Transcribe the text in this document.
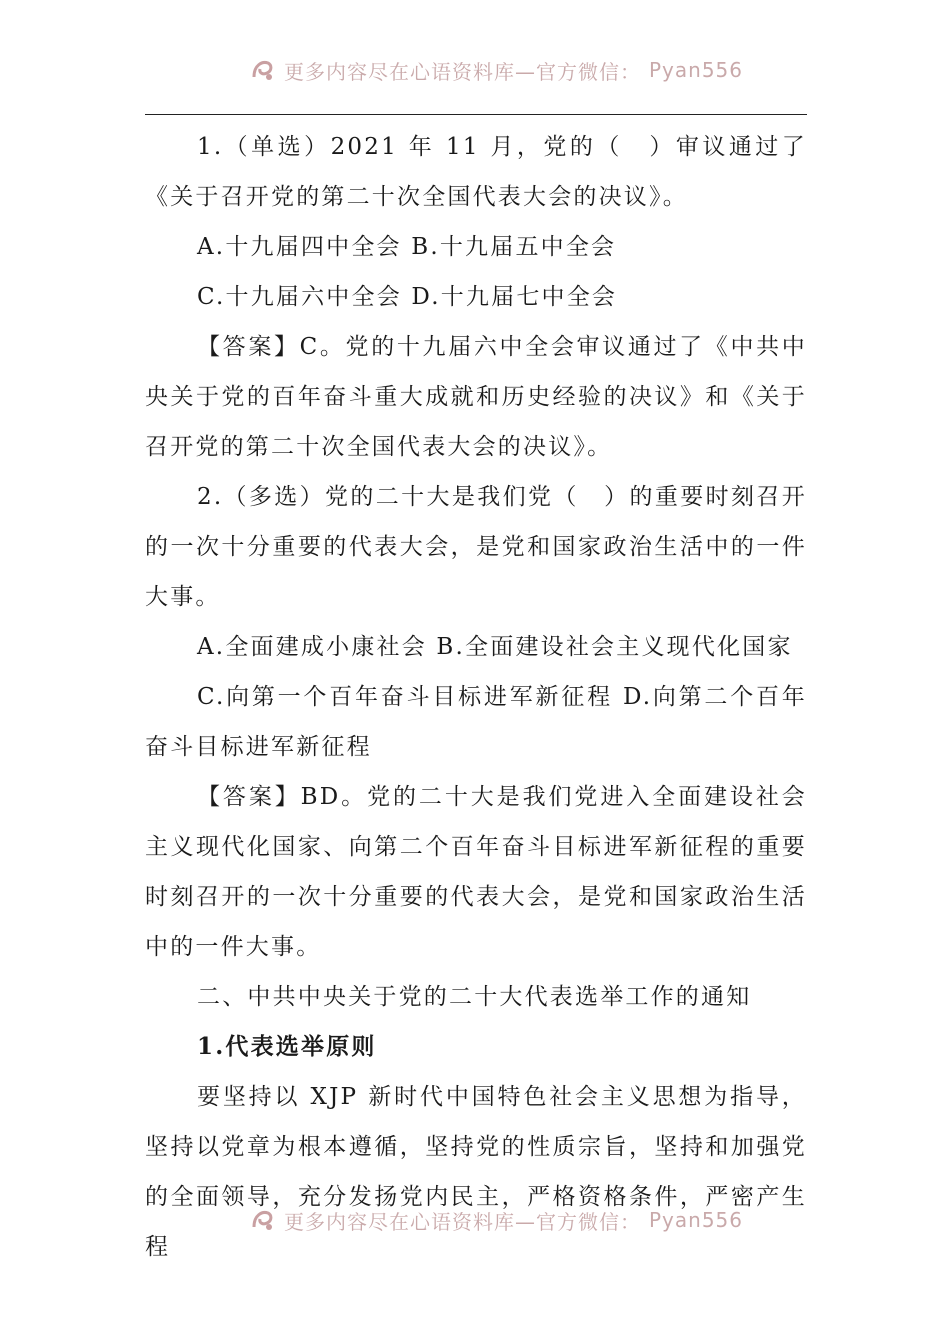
更多内容尽在心语资料库—官方微信： Pyan556

1.（单选）2021 年 11 月，党的（　）审议通过了《关于召开党的第二十次全国代表大会的决议》。

A.十九届四中全会 B.十九届五中全会

C.十九届六中全会 D.十九届七中全会

【答案】C。党的十九届六中全会审议通过了《中共中央关于党的百年奋斗重大成就和历史经验的决议》和《关于召开党的第二十次全国代表大会的决议》。

2.（多选）党的二十大是我们党（　）的重要时刻召开的一次十分重要的代表大会，是党和国家政治生活中的一件大事。

A.全面建成小康社会 B.全面建设社会主义现代化国家

C.向第一个百年奋斗目标进军新征程 D.向第二个百年奋斗目标进军新征程

【答案】BD。党的二十大是我们党进入全面建设社会主义现代化国家、向第二个百年奋斗目标进军新征程的重要时刻召开的一次十分重要的代表大会，是党和国家政治生活中的一件大事。

二、中共中央关于党的二十大代表选举工作的通知

1.代表选举原则

要坚持以 XJP 新时代中国特色社会主义思想为指导，坚持以党章为根本遵循，坚持党的性质宗旨，坚持和加强党的全面领导，充分发扬党内民主，严格资格条件，严密产生程

更多内容尽在心语资料库—官方微信： Pyan556
